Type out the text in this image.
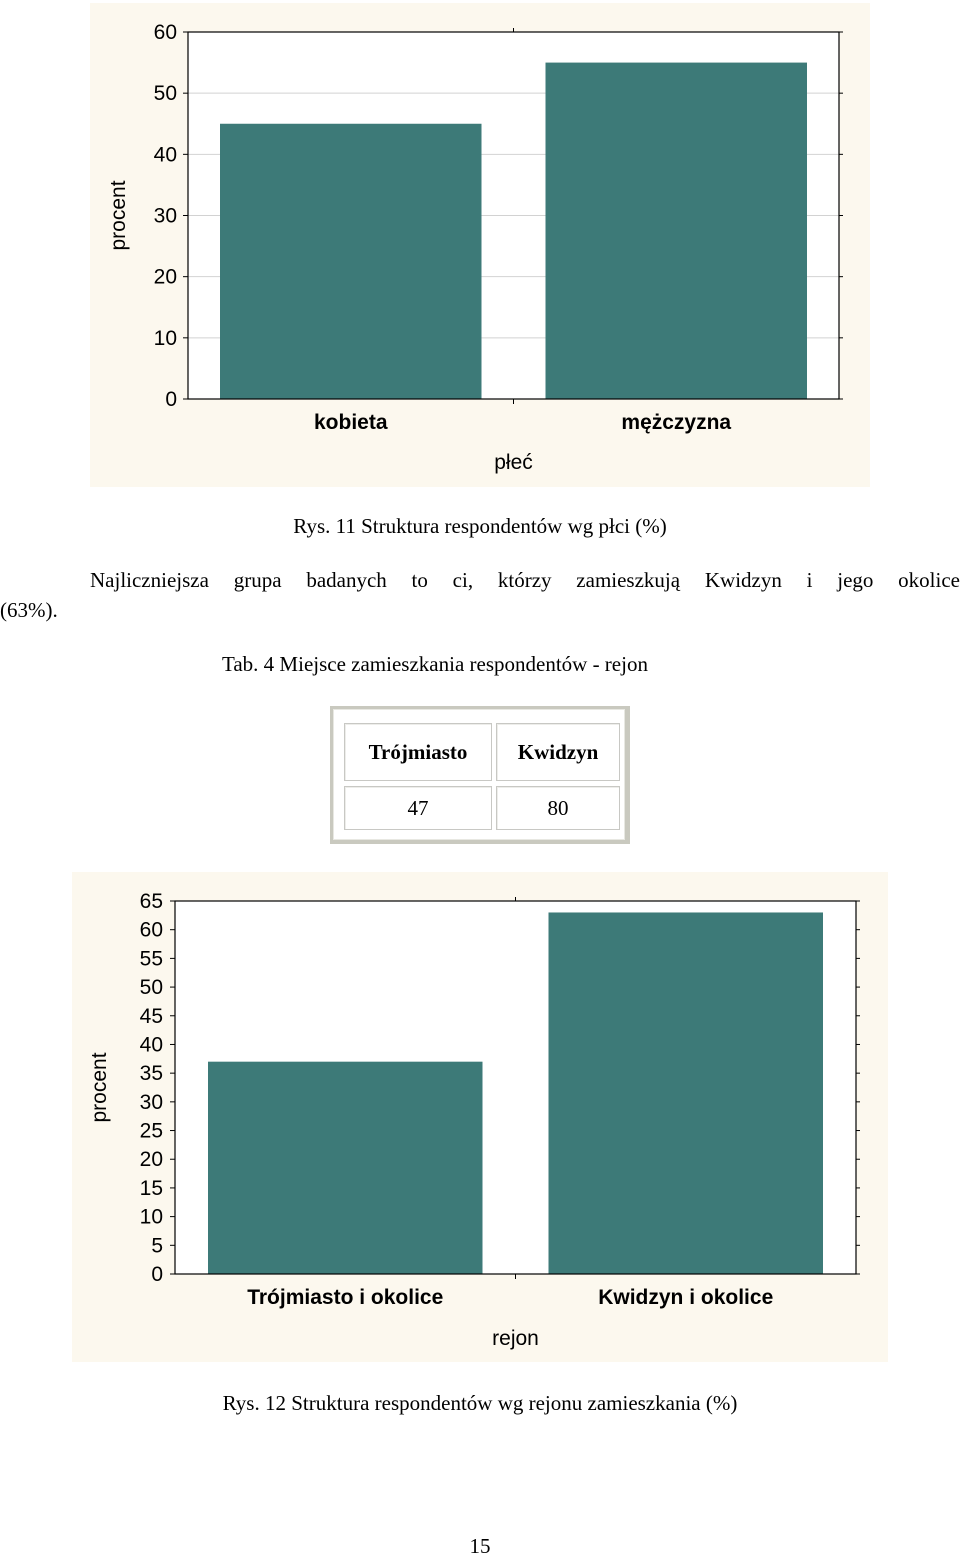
0
10
20
30
40
50
60
kobieta	mężczyzna
płeć
procent
Rys. 11 Struktura respondentów wg płci (%)
Najliczniejsza grupa badanych to ci, którzy zamieszkują Kwidzyn i jego okolice
(63%).
Tab. 4 Miejsce zamieszkania respondentów - rejon
Trójmiasto	Kwidzyn
47	80
0
5
10
15
20
25
30
35
40
45
50
55
60
65
Trójmiasto i okolice	Kwidzyn i okolice
rejon
procent
Rys. 12 Struktura respondentów wg rejonu zamieszkania (%)
15
